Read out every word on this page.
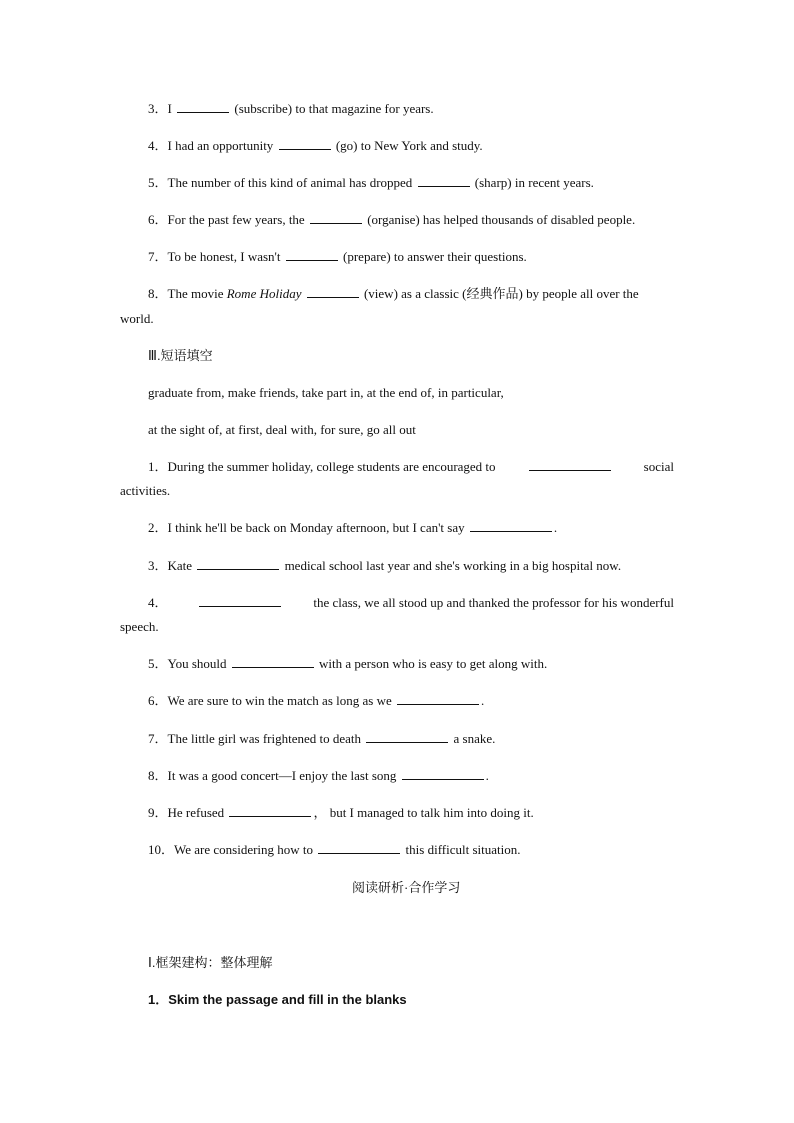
3．I	(subscribe) to that magazine for years.
4．I had an opportunity	(go) to New York and study.
5．The number of this kind of animal has dropped	(sharp) in recent years.
6．For the past few years, the	(organise) has helped thousands of disabled people.
7．To be honest, I wasn't	(prepare) to answer their questions.
8．The movie Rome Holiday	(view) as a classic (经典作品) by people all over the
world.
Ⅲ.短语填空
graduate from, make friends, take part in, at the end of, in particular,
at the sight of, at first, deal with, for sure, go all out
1．During the summer holiday, college students are encouraged to	social
activities.
2．I think he'll be back on Monday afternoon, but I can't say	.
3．Kate	medical school last year and she's working in a big hospital now.
4．	the class, we all stood up and thanked the professor for his wonderful
speech.
5．You should	with a person who is easy to get along with.
6．We are sure to win the match as long as we	.
7．The little girl was frightened to death	a snake.
8．It was a good concert—I enjoy the last song	.
9．He refused	， but I managed to talk him into doing it.
10．We are considering how to	this difficult situation.
阅读研析·合作学习
Ⅰ.框架建构：整体理解
1．Skim the passage and fill in the blanks
